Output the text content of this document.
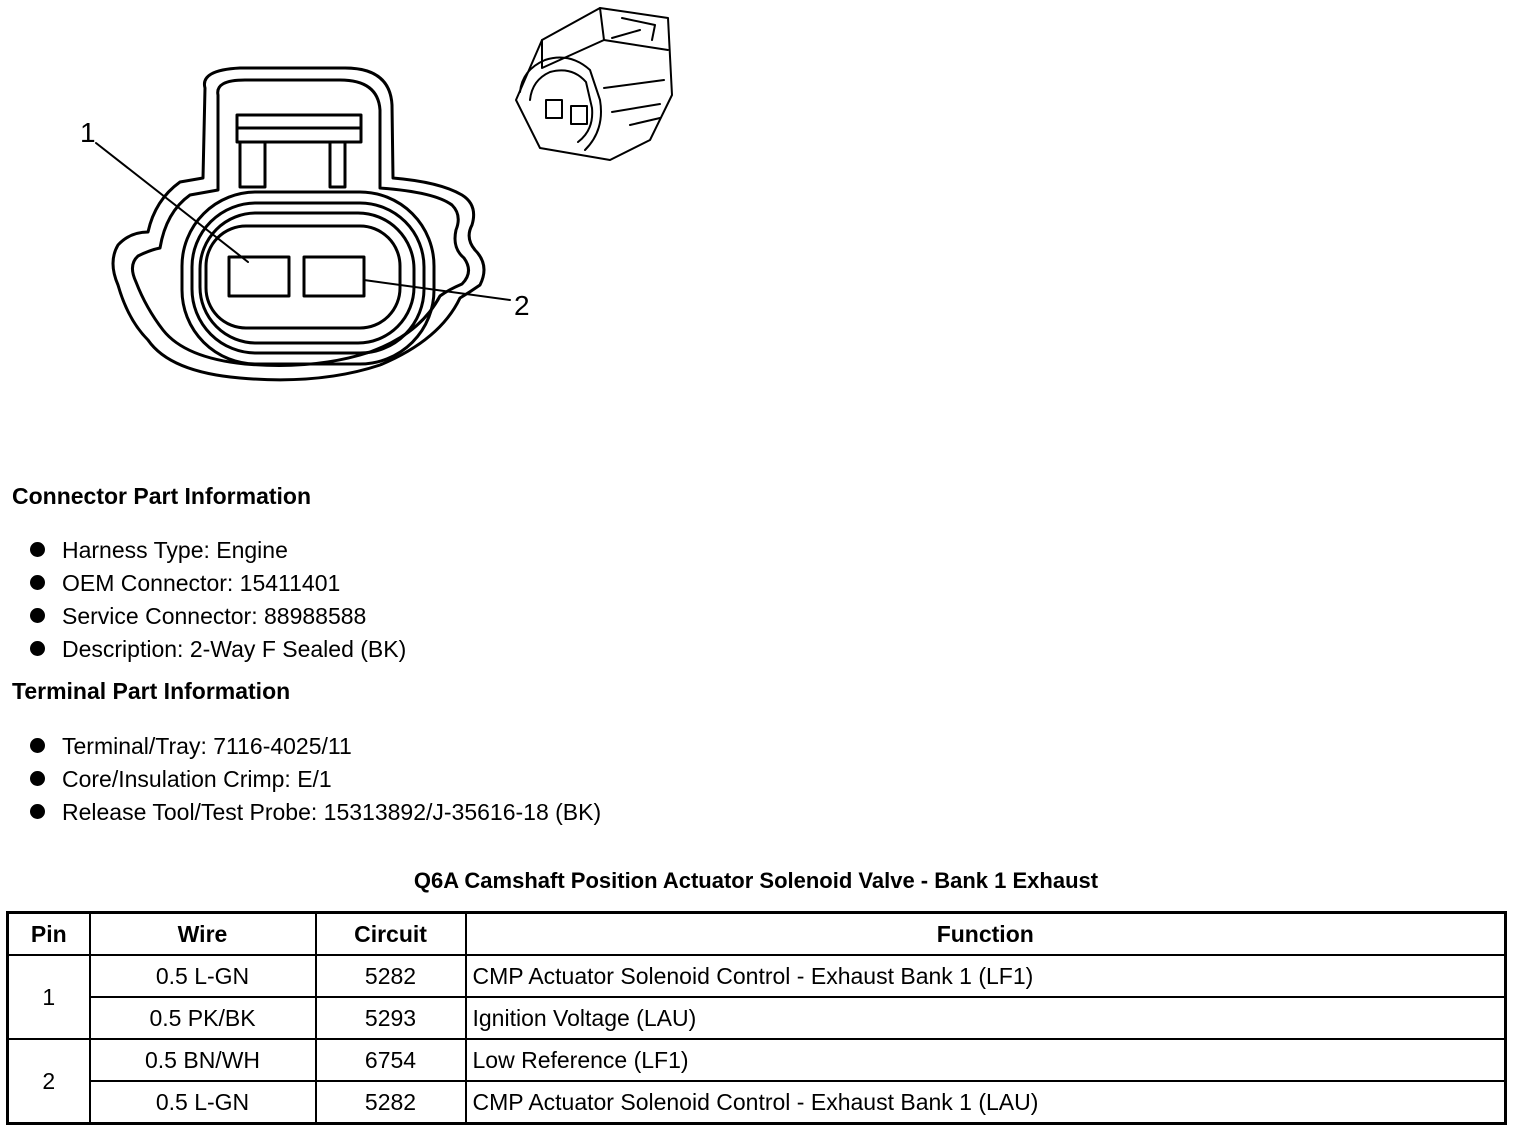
1
2
Connector Part Information
Harness Type: Engine
OEM Connector: 15411401
Service Connector: 88988588
Description: 2-Way F Sealed (BK)
Terminal Part Information
Terminal/Tray: 7116-4025/11
Core/Insulation Crimp: E/1
Release Tool/Test Probe: 15313892/J-35616-18 (BK)
Q6A Camshaft Position Actuator Solenoid Valve - Bank 1 Exhaust
Pin	Wire	Circuit	Function
1	0.5 L-GN	5282	CMP Actuator Solenoid Control - Exhaust Bank 1 (LF1)
	0.5 PK/BK	5293	Ignition Voltage (LAU)
2	0.5 BN/WH	6754	Low Reference (LF1)
	0.5 L-GN	5282	CMP Actuator Solenoid Control - Exhaust Bank 1 (LAU)
